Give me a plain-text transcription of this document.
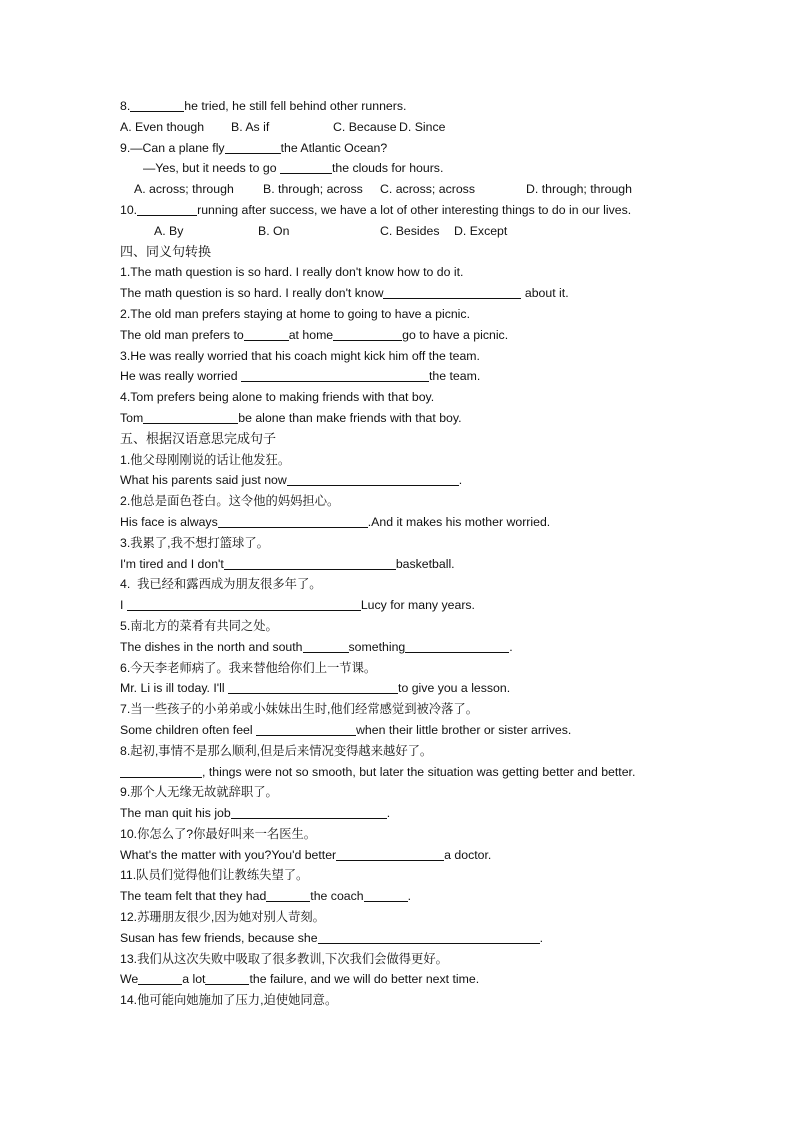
8.	he tried, he still fell behind other runners.
A. Even though B. As if	C. Because D. Since
9.—Can a plane fly	the Atlantic Ocean?
—Yes, but it needs to go	the clouds for hours.
A. across; through B. through; across C. across; across	D. through; through
10.	running after success, we have a lot of other interesting things to do in our lives.
A. By	B. On	C. Besides D. Except
四、同义句转换
1.The math question is so hard. I really don't know how to do it.
The math question is so hard. I really don't know	about it.
2.The old man prefers staying at home to going to have a picnic.
The old man prefers to	at home	go to have a picnic.
3.He was really worried that his coach might kick him off the team.
He was really worried	the team.
4.Tom prefers being alone to making friends with that boy.
Tom	be alone than make friends with that boy.
五、根据汉语意思完成句子
1.他父母刚刚说的话让他发狂。
What his parents said just now	.
2.他总是面色苍白。这令他的妈妈担心。
His face is always	.And it makes his mother worried.
3.我累了,我不想打篮球了。
I'm tired and I don't	basketball.
4.  我已经和露西成为朋友很多年了。
I	Lucy for many years.
5.南北方的菜肴有共同之处。
The dishes in the north and south	something	.
6.今天李老师病了。我来替他给你们上一节课。
Mr. Li is ill today. I'll	to give you a lesson.
7.当一些孩子的小弟弟或小妹妹出生时,他们经常感觉到被冷落了。
Some children often feel	when their little brother or sister arrives.
8.起初,事情不是那么顺利,但是后来情况变得越来越好了。
, things were not so smooth, but later the situation was getting better and better.
9.那个人无缘无故就辞职了。
The man quit his job	.
10.你怎么了?你最好叫来一名医生。
What's the matter with you?You'd better	a doctor.
11.队员们觉得他们让教练失望了。
The team felt that they had	the coach	.
12.苏珊朋友很少,因为她对别人苛刻。
Susan has few friends, because she	.
13.我们从这次失败中吸取了很多教训,下次我们会做得更好。
We	a lot	the failure, and we will do better next time.
14.他可能向她施加了压力,迫使她同意。
